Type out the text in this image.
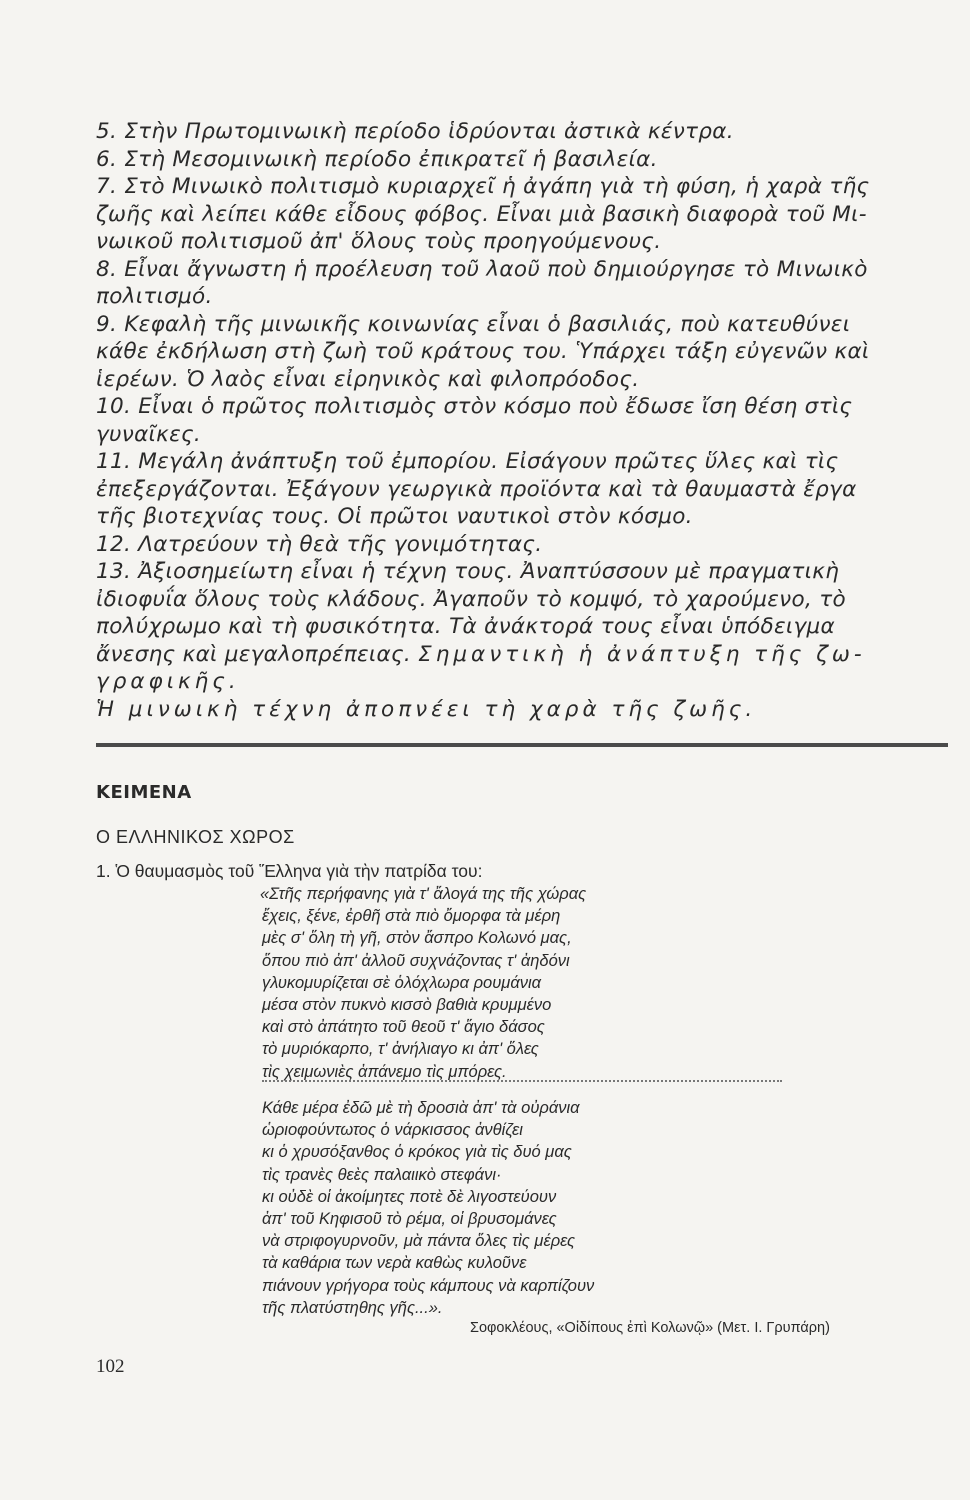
5. Στὴν Πρωτομινωικὴ περίοδο ἱδρύονται ἀστικὰ κέντρα.
6. Στὴ Μεσομινωικὴ περίοδο ἐπικρατεῖ ἡ βασιλεία.
7. Στὸ Μινωικὸ πολιτισμὸ κυριαρχεῖ ἡ ἀγάπη γιὰ τὴ φύση, ἡ χαρὰ τῆς
ζωῆς καὶ λείπει κάθε εἶδους φόβος. Εἶναι μιὰ βασικὴ διαφορὰ τοῦ Μι-
νωικοῦ πολιτισμοῦ ἀπ' ὅλους τοὺς προηγούμενους.
8. Εἶναι ἄγνωστη ἡ προέλευση τοῦ λαοῦ ποὺ δημιούργησε τὸ Μινωικὸ
πολιτισμό.
9. Κεφαλὴ τῆς μινωικῆς κοινωνίας εἶναι ὁ βασιλιάς, ποὺ κατευθύνει
κάθε ἐκδήλωση στὴ ζωὴ τοῦ κράτους του. Ὑπάρχει τάξη εὐγενῶν καὶ
ἱερέων. Ὁ λαὸς εἶναι εἰρηνικὸς καὶ φιλοπρόοδος.
10. Εἶναι ὁ πρῶτος πολιτισμὸς στὸν κόσμο ποὺ ἔδωσε ἴση θέση στὶς
γυναῖκες.
11. Μεγάλη ἀνάπτυξη τοῦ ἐμπορίου. Εἰσάγουν πρῶτες ὕλες καὶ τὶς
ἐπεξεργάζονται. Ἐξάγουν γεωργικὰ προϊόντα καὶ τὰ θαυμαστὰ ἔργα
τῆς βιοτεχνίας τους. Οἱ πρῶτοι ναυτικοὶ στὸν κόσμο.
12. Λατρεύουν τὴ θεὰ τῆς γονιμότητας.
13. Ἀξιοσημείωτη εἶναι ἡ τέχνη τους. Ἀναπτύσσουν μὲ πραγματικὴ
ἰδιοφυΐα ὅλους τοὺς κλάδους. Ἀγαποῦν τὸ κομψό, τὸ χαρούμενο, τὸ
πολύχρωμο καὶ τὴ φυσικότητα. Τὰ ἀνάκτορά τους εἶναι ὑπόδειγμα
ἄνεσης καὶ μεγαλοπρέπειας. Σημαντικὴ ἡ ἀνάπτυξη τῆς ζω-
γραφικῆς.
Ἡ μινωικὴ τέχνη ἀποπνέει τὴ χαρὰ τῆς ζωῆς.
ΚΕΙΜΕΝΑ
Ο ΕΛΛΗΝΙΚΟΣ ΧΩΡΟΣ
1. Ὁ θαυμασμὸς τοῦ Ἕλληνα γιὰ τὴν πατρίδα του:
«Στῆς περήφανης γιὰ τ' ἄλογά της τῆς χώρας
ἔχεις, ξένε, ἐρθῆ στὰ πιὸ ὄμορφα τὰ μέρη
μὲς σ' ὅλη τὴ γῆ, στὸν ἄσπρο Κολωνό μας,
ὅπου πιὸ ἀπ' ἀλλοῦ συχνάζοντας τ' ἀηδόνι
γλυκομυρίζεται σὲ ὁλόχλωρα ρουμάνια
μέσα στὸν πυκνὸ κισσὸ βαθιὰ κρυμμένο
καὶ στὸ ἀπάτητο τοῦ θεοῦ τ' ἅγιο δάσος
τὸ μυριόκαρπο, τ' ἀνήλιαγο κι ἀπ' ὅλες
τὶς χειμωνιὲς ἀπάνεμο τὶς μπόρες.
Κάθε μέρα ἐδῶ μὲ τὴ δροσιὰ ἀπ' τὰ οὐράνια
ὡριοφούντωτος ὁ νάρκισσος ἀνθίζει
κι ὁ χρυσόξανθος ὁ κρόκος γιὰ τὶς δυό μας
τὶς τρανὲς θεὲς παλαιικὸ στεφάνι·
κι οὐδὲ οἱ ἀκοίμητες ποτὲ δὲ λιγοστεύουν
ἀπ' τοῦ Κηφισοῦ τὸ ρέμα, οἱ βρυσομάνες
νὰ στριφογυρνοῦν, μὰ πάντα ὅλες τὶς μέρες
τὰ καθάρια των νερὰ καθὼς κυλοῦνε
πιάνουν γρήγορα τοὺς κάμπους νὰ καρπίζουν
τῆς πλατύστηθης γῆς...».
Σοφοκλέους, «Οἰδίπους ἐπὶ Κολωνῷ» (Μετ. Ι. Γρυπάρη)
102
